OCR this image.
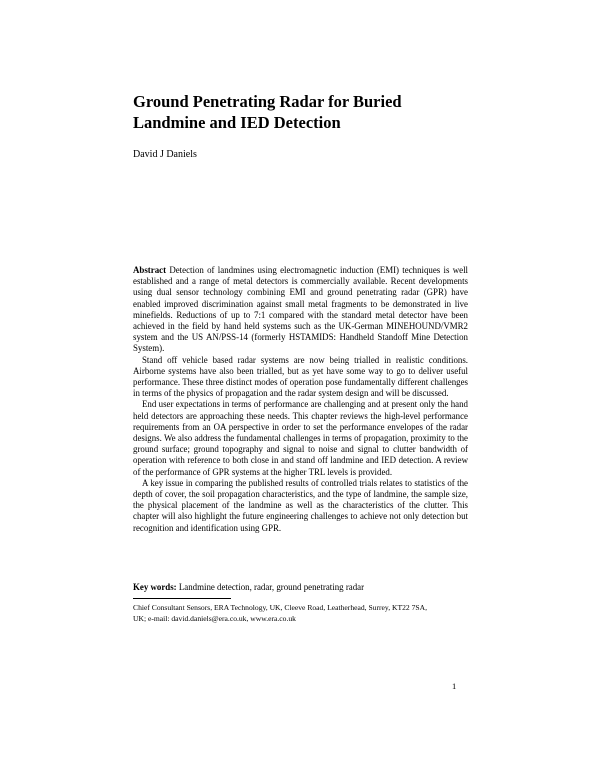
Ground Penetrating Radar for Buried
Landmine and IED Detection
David J Daniels

Abstract Detection of landmines using electromagnetic induction (EMI) techniques is well established and a range of metal detectors is commercially available. Recent developments using dual sensor technology combining EMI and ground penetrating radar (GPR) have enabled improved discrimination against small metal fragments to be demonstrated in live minefields. Reductions of up to 7:1 compared with the standard metal detector have been achieved in the field by hand held systems such as the UK-German MINEHOUND/VMR2 system and the US AN/PSS-14 (formerly HSTAMIDS: Handheld Standoff Mine Detection System).

Stand off vehicle based radar systems are now being trialled in realistic conditions. Airborne systems have also been trialled, but as yet have some way to go to deliver useful performance. These three distinct modes of operation pose fundamentally different challenges in terms of the physics of propagation and the radar system design and will be discussed.

End user expectations in terms of performance are challenging and at present only the hand held detectors are approaching these needs. This chapter reviews the high-level performance requirements from an OA perspective in order to set the performance envelopes of the radar designs. We also address the fundamental challenges in terms of propagation, proximity to the ground surface; ground topography and signal to noise and signal to clutter bandwidth of operation with reference to both close in and stand off landmine and IED detection. A review of the performance of GPR systems at the higher TRL levels is provided.

A key issue in comparing the published results of controlled trials relates to statistics of the depth of cover, the soil propagation characteristics, and the type of landmine, the sample size, the physical placement of the landmine as well as the characteristics of the clutter. This chapter will also highlight the future engineering challenges to achieve not only detection but recognition and identification using GPR.

Key words: Landmine detection, radar, ground penetrating radar
Chief Consultant Sensors, ERA Technology, UK, Cleeve Road, Leatherhead, Surrey, KT22 7SA,
UK; e-mail: david.daniels@era.co.uk, www.era.co.uk
1
